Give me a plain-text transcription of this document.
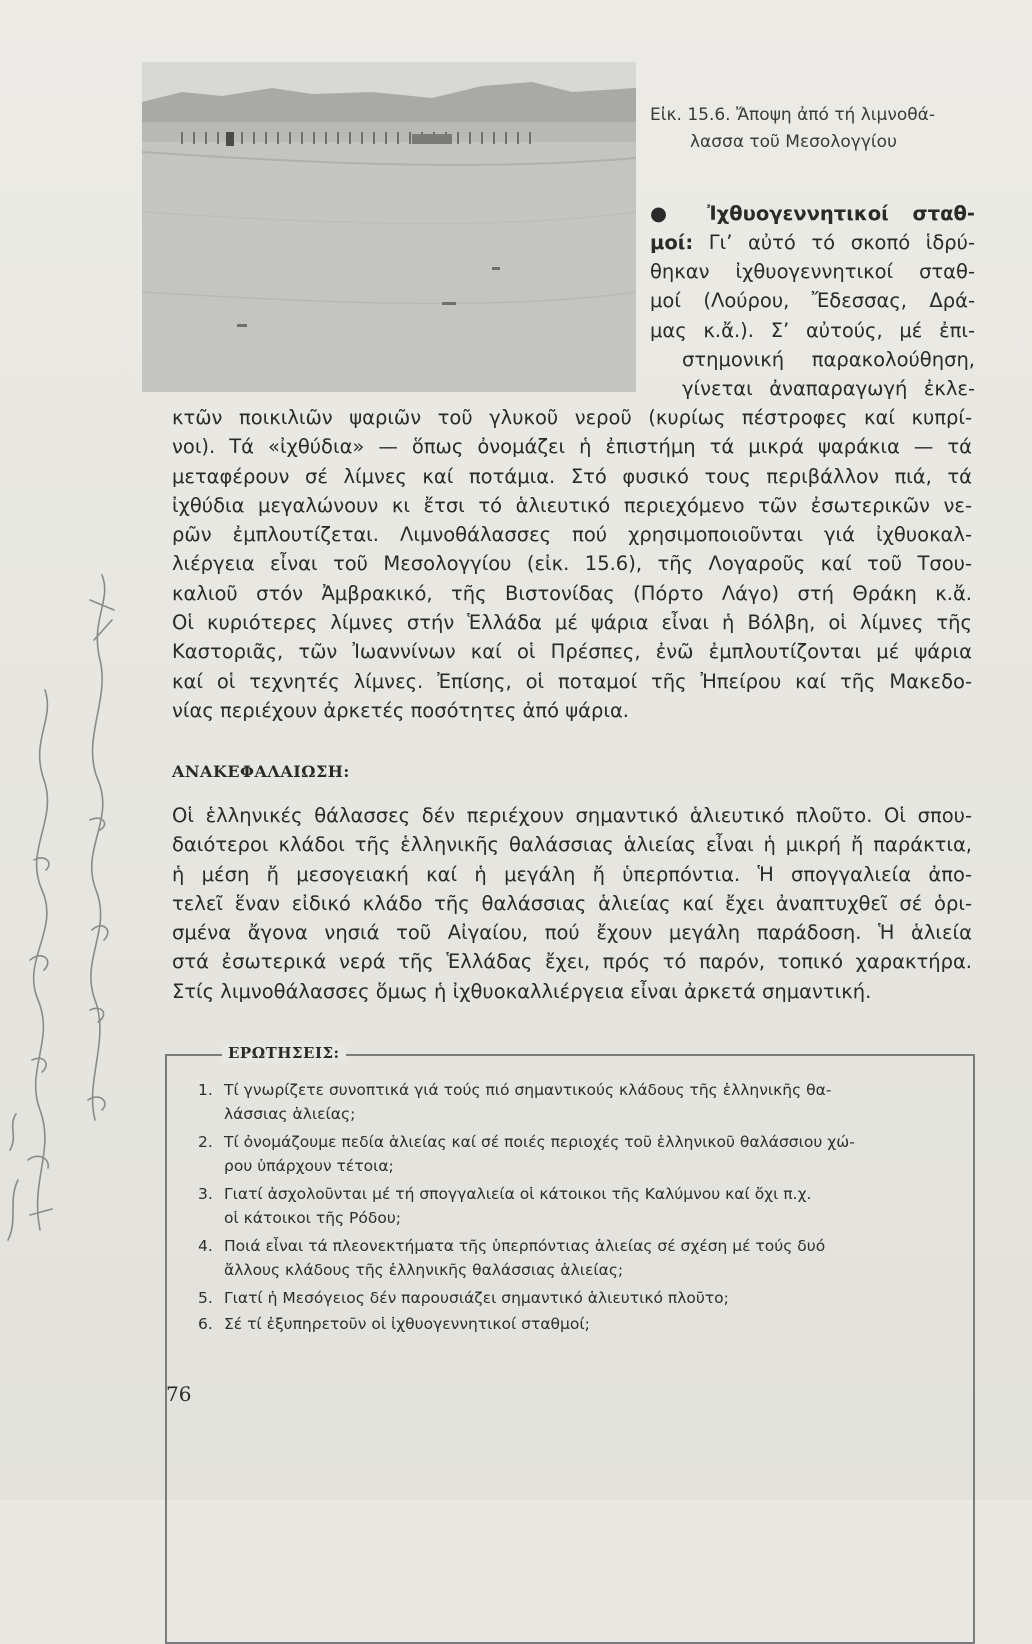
Εἰκ. 15.6. Ἄποψη ἀπό τή λιμνοθά-
λασσα τοῦ Μεσολογγίου
● Ἰχθυογεννητικοί σταθ-
μοί: Γι’ αὐτό τό σκοπό ἱδρύ-
θηκαν ἰχθυογεννητικοί σταθ-
μοί (Λούρου, Ἔδεσσας, Δρά-
μας κ.ἄ.). Σ’ αὐτούς, μέ ἐπι-
στημονική παρακολούθηση,
γίνεται ἀναπαραγωγή ἐκλε-
κτῶν ποικιλιῶν ψαριῶν τοῦ γλυκοῦ νεροῦ (κυρίως πέστροφες καί κυπρί-
νοι). Τά «ἰχθύδια» — ὅπως ὀνομάζει ἡ ἐπιστήμη τά μικρά ψαράκια — τά
μεταφέρουν σέ λίμνες καί ποτάμια. Στό φυσικό τους περιβάλλον πιά, τά
ἰχθύδια μεγαλώνουν κι ἔτσι τό ἁλιευτικό περιεχόμενο τῶν ἐσωτερικῶν νε-
ρῶν ἐμπλουτίζεται. Λιμνοθάλασσες πού χρησιμοποιοῦνται γιά ἰχθυοκαλ-
λιέργεια εἶναι τοῦ Μεσολογγίου (εἰκ. 15.6), τῆς Λογαροῦς καί τοῦ Τσου-
καλιοῦ στόν Ἀμβρακικό, τῆς Βιστονίδας (Πόρτο Λάγο) στή Θράκη κ.ἄ.
Οἱ κυριότερες λίμνες στήν Ἑλλάδα μέ ψάρια εἶναι ἡ Βόλβη, οἱ λίμνες τῆς
Καστοριᾶς, τῶν Ἰωαννίνων καί οἱ Πρέσπες, ἐνῶ ἐμπλουτίζονται μέ ψάρια
καί οἱ τεχνητές λίμνες. Ἐπίσης, οἱ ποταμοί τῆς Ἠπείρου καί τῆς Μακεδο-
νίας περιέχουν ἀρκετές ποσότητες ἀπό ψάρια.
ΑΝΑΚΕΦΑΛΑΙΩΣΗ:
Οἱ ἑλληνικές θάλασσες δέν περιέχουν σημαντικό ἁλιευτικό πλοῦτο. Οἱ σπου-
δαιότεροι κλάδοι τῆς ἑλληνικῆς θαλάσσιας ἁλιείας εἶναι ἡ μικρή ἤ παράκτια,
ἡ μέση ἤ μεσογειακή καί ἡ μεγάλη ἤ ὑπερπόντια. Ἡ σπογγαλιεία ἀπο-
τελεῖ ἕναν εἰδικό κλάδο τῆς θαλάσσιας ἁλιείας καί ἔχει ἀναπτυχθεῖ σέ ὁρι-
σμένα ἄγονα νησιά τοῦ Αἰγαίου, πού ἔχουν μεγάλη παράδοση. Ἡ ἁλιεία
στά ἐσωτερικά νερά τῆς Ἑλλάδας ἔχει, πρός τό παρόν, τοπικό χαρακτήρα.
Στίς λιμνοθάλασσες ὅμως ἡ ἰχθυοκαλλιέργεια εἶναι ἀρκετά σημαντική.
ΕΡΩΤΗΣΕΙΣ:
1. Τί γνωρίζετε συνοπτικά γιά τούς πιό σημαντικούς κλάδους τῆς ἑλληνικῆς θα-
λάσσιας ἁλιείας;
2. Τί ὀνομάζουμε πεδία ἁλιείας καί σέ ποιές περιοχές τοῦ ἑλληνικοῦ θαλάσσιου χώ-
ρου ὑπάρχουν τέτοια;
3. Γιατί ἀσχολοῦνται μέ τή σπογγαλιεία οἱ κάτοικοι τῆς Καλύμνου καί ὄχι π.χ.
οἱ κάτοικοι τῆς Ρόδου;
4. Ποιά εἶναι τά πλεονεκτήματα τῆς ὑπερπόντιας ἁλιείας σέ σχέση μέ τούς δυό
ἄλλους κλάδους τῆς ἑλληνικῆς θαλάσσιας ἁλιείας;
5. Γιατί ἡ Μεσόγειος δέν παρουσιάζει σημαντικό ἁλιευτικό πλοῦτο;
6. Σέ τί ἐξυπηρετοῦν οἱ ἰχθυογεννητικοί σταθμοί;
76
